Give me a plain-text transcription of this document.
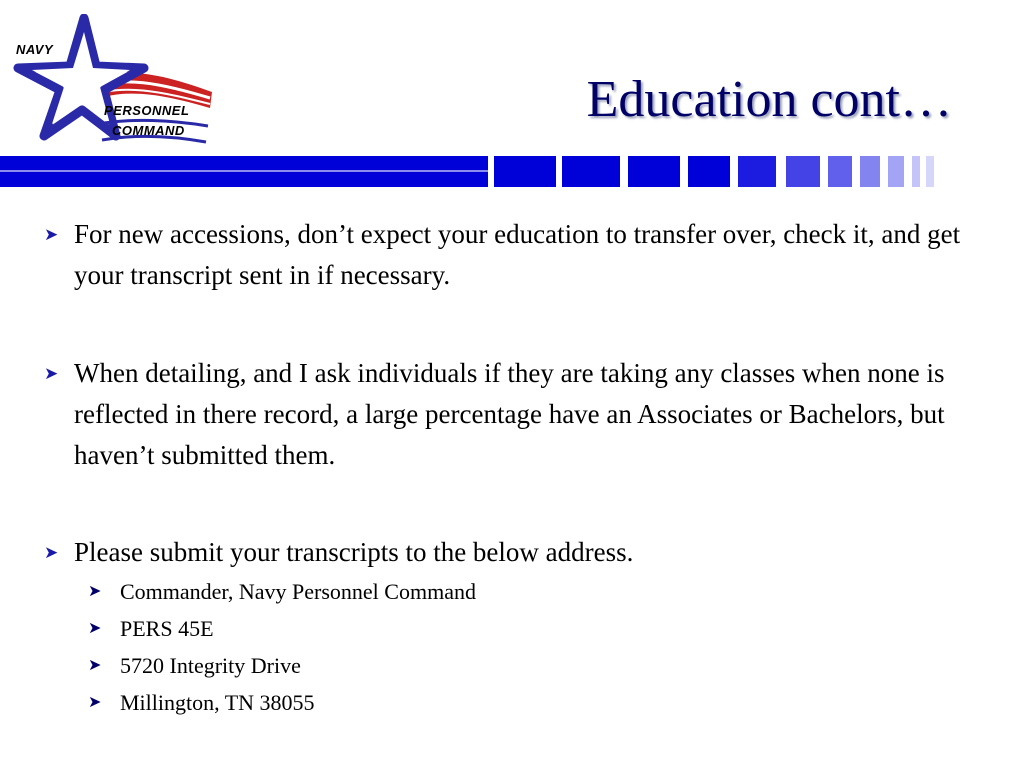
NAVY
PERSONNEL
COMMAND
Education cont…
➤ For new accessions, don’t expect your education to transfer over, check it, and get your transcript sent in if necessary.
➤ When detailing, and I ask individuals if they are taking any classes when none is reflected in there record, a large percentage have an Associates or Bachelors, but haven’t submitted them.
➤ Please submit your transcripts to the below address.
➤ Commander, Navy Personnel Command
➤ PERS 45E
➤ 5720 Integrity Drive
➤ Millington, TN 38055
